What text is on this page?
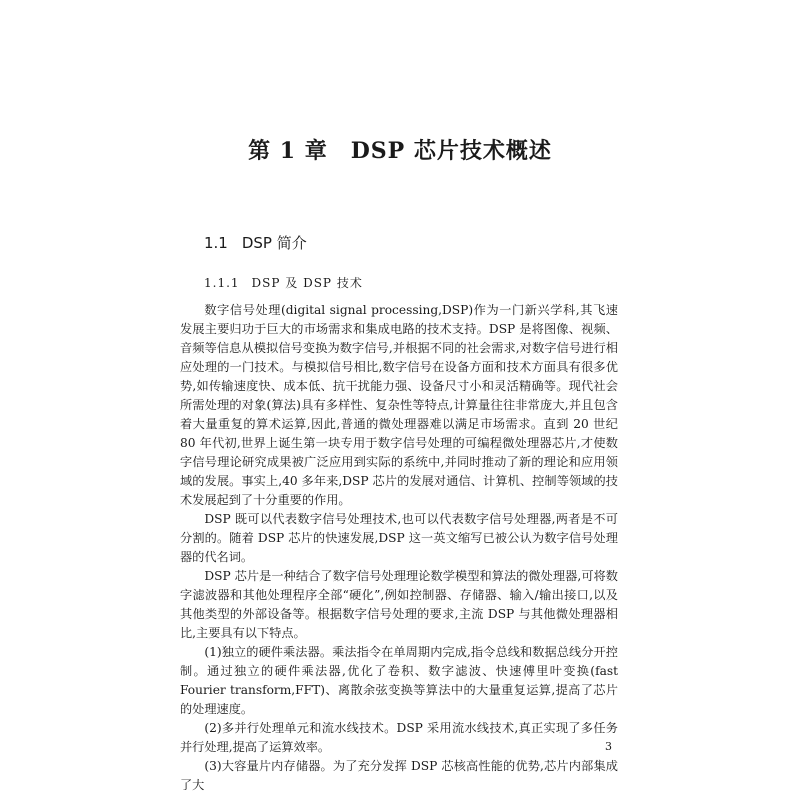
第 1 章　DSP 芯片技术概述
1.1 DSP 简介
1.1.1 DSP 及 DSP 技术

数字信号处理(digital signal processing,DSP)作为一门新兴学科,其飞速发展主要归功于巨大的市场需求和集成电路的技术支持。DSP 是将图像、视频、音频等信息从模拟信号变换为数字信号,并根据不同的社会需求,对数字信号进行相应处理的一门技术。与模拟信号相比,数字信号在设备方面和技术方面具有很多优势,如传输速度快、成本低、抗干扰能力强、设备尺寸小和灵活精确等。现代社会所需处理的对象(算法)具有多样性、复杂性等特点,计算量往往非常庞大,并且包含着大量重复的算术运算,因此,普通的微处理器难以满足市场需求。直到 20 世纪 80 年代初,世界上诞生第一块专用于数字信号处理的可编程微处理器芯片,才使数字信号理论研究成果被广泛应用到实际的系统中,并同时推动了新的理论和应用领域的发展。事实上,40 多年来,DSP 芯片的发展对通信、计算机、控制等领域的技术发展起到了十分重要的作用。

DSP 既可以代表数字信号处理技术,也可以代表数字信号处理器,两者是不可分割的。随着 DSP 芯片的快速发展,DSP 这一英文缩写已被公认为数字信号处理器的代名词。

DSP 芯片是一种结合了数字信号处理理论数学模型和算法的微处理器,可将数字滤波器和其他处理程序全部“硬化”,例如控制器、存储器、输入/输出接口,以及其他类型的外部设备等。根据数字信号处理的要求,主流 DSP 与其他微处理器相比,主要具有以下特点。

(1)独立的硬件乘法器。乘法指令在单周期内完成,指令总线和数据总线分开控制。通过独立的硬件乘法器,优化了卷积、数字滤波、快速傅里叶变换(fast Fourier transform,FFT)、离散余弦变换等算法中的大量重复运算,提高了芯片的处理速度。

(2)多并行处理单元和流水线技术。DSP 采用流水线技术,真正实现了多任务并行处理,提高了运算效率。

(3)大容量片内存储器。为了充分发挥 DSP 芯核高性能的优势,芯片内部集成了大

3
